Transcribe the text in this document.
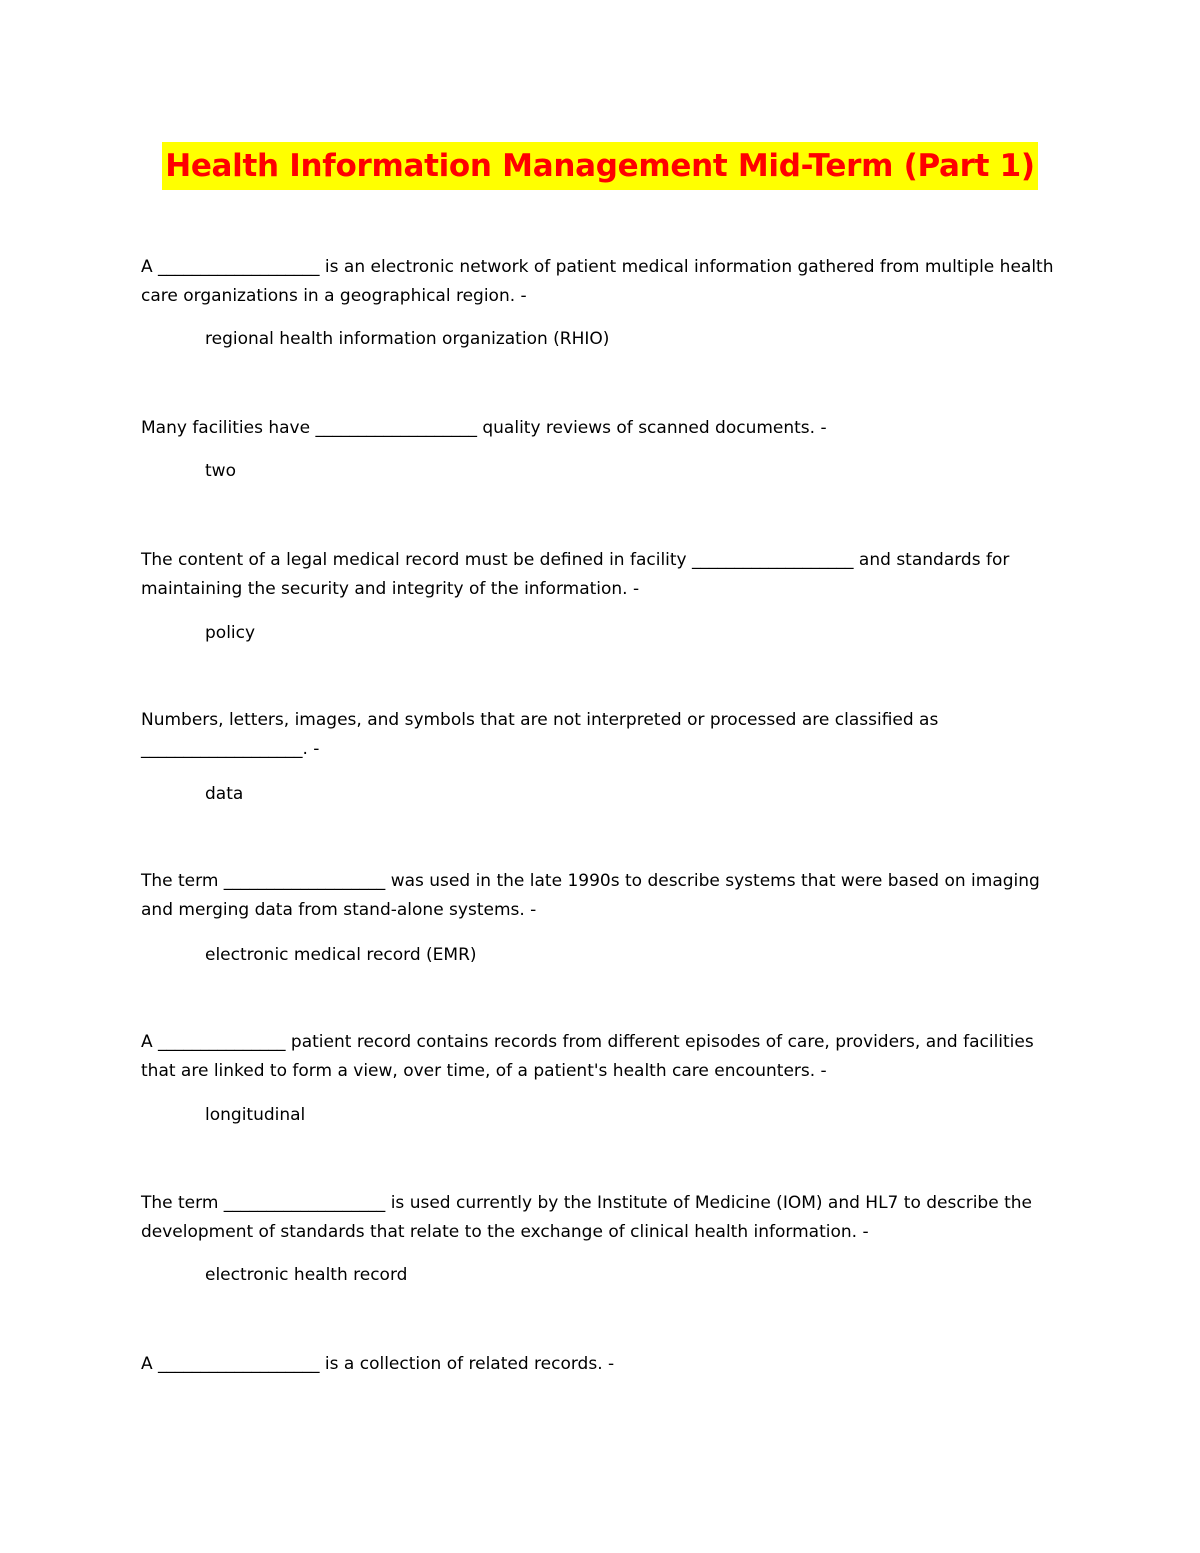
Health Information Management Mid-Term (Part 1)

A ___________________ is an electronic network of patient medical information gathered from multiple health care organizations in a geographical region. -

regional health information organization (RHIO)

Many facilities have ___________________ quality reviews of scanned documents. -

two

The content of a legal medical record must be defined in facility ___________________ and standards for maintaining the security and integrity of the information. -

policy

Numbers, letters, images, and symbols that are not interpreted or processed are classified as ___________________. -

data

The term ___________________ was used in the late 1990s to describe systems that were based on imaging and merging data from stand-alone systems. -

electronic medical record (EMR)

A _______________ patient record contains records from different episodes of care, providers, and facilities that are linked to form a view, over time, of a patient's health care encounters. -

longitudinal

The term ___________________ is used currently by the Institute of Medicine (IOM) and HL7 to describe the development of standards that relate to the exchange of clinical health information. -

electronic health record

A ___________________ is a collection of related records. -
